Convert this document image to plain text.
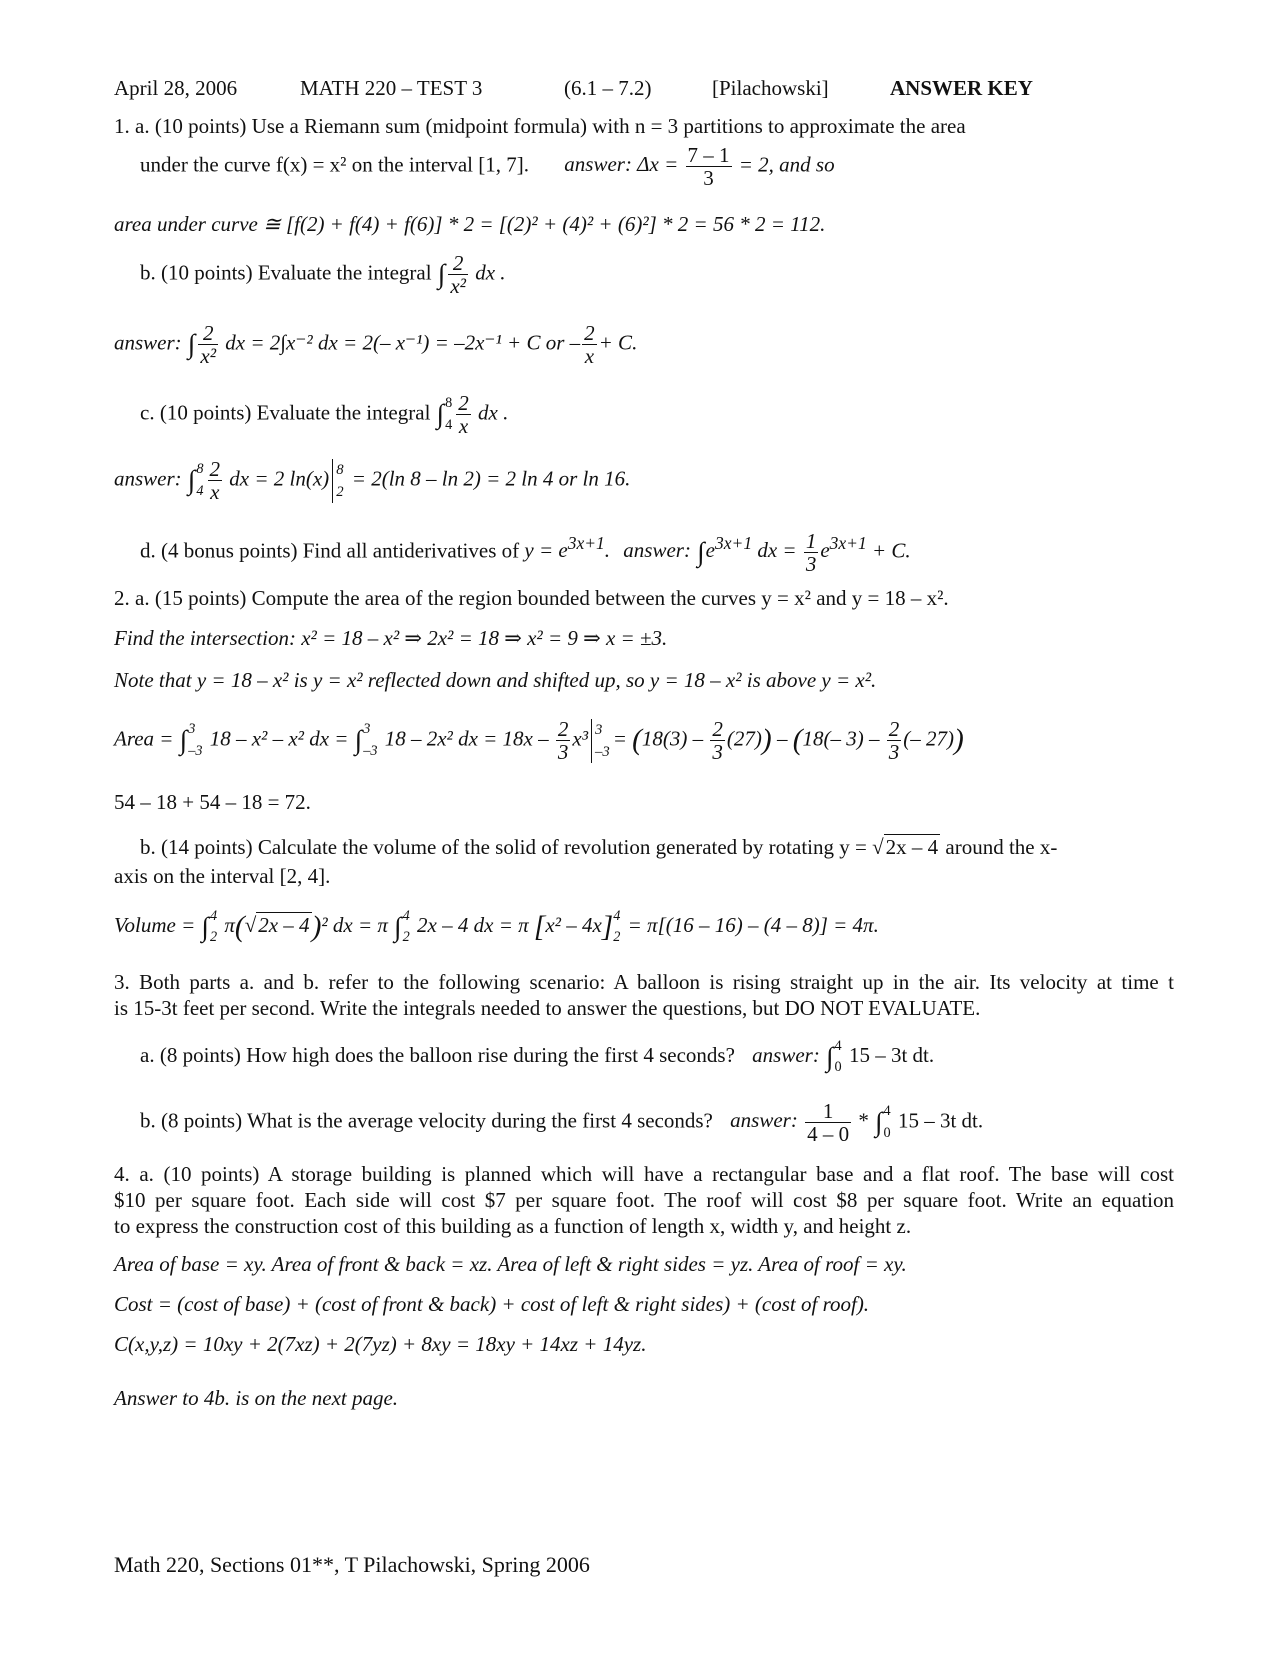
April 28, 2006	MATH 220 – TEST 3	(6.1 – 7.2)	[Pilachowski]	ANSWER KEY
1. a. (10 points) Use a Riemann sum (midpoint formula) with n = 3 partitions to approximate the area
under the curve f(x) = x² on the interval [1, 7]. answer: $\Delta x = \frac{7 - 1}{3} = 2$, and so
area under curve ≅ [f(2) + f(4) + f(6)] * 2 = [(2)² + (4)² + (6)²] * 2 = 56 * 2 = 112.
b. (10 points) Evaluate the integral ∫ $\frac{2}{\text{x²}}$ dx .
answer: ∫ $\frac{2}{\text{x²}}$ dx = 2∫x⁻² dx = 2(– x⁻¹) = –2x⁻¹ + C or – $\frac{2}{x} + C$.
c. (10 points) Evaluate the integral ∫ 8
$4 \frac{2}{x}$ dx .
answer: ∫ 8
$4 \frac{2}{x}$ dx = 2 ln(x) 8
2
= 2(ln 8 – ln 2) = 2 ln 4 or ln 16.
d. (4 bonus points) Find all antiderivatives of $y = e^{3x+1}$. answer: $\int e^{3x+1}$ dx = $\frac{1}{3} e^{3x+1} + C$.
2. a. (15 points) Compute the area of the region bounded between the curves y = x² and y = 18 – x².
Find the intersection: x² = 18 – x² ⇒ 2x² = 18 ⇒ x² = 9 ⇒ x = ±3.
Note that y = 18 – x² is y = x² reflected down and shifted up, so y = 18 – x² is above y = x².
Area = ∫ 3
–3
18 – x² – x² dx = ∫ 3
–3
18 – 2x² dx = $18x - \frac{2}{3} x^3$ 3
–3
= $(18(3) - \frac{2}{3} (27)) - (18(-$ $3) - \frac{2}{3}$ (– 27))
54 – 18 + 54 – 18 = 72.
b. (14 points) Calculate the volume of the solid of revolution generated by rotating y = √2x – 4 around the x-
axis on the interval [2, 4].
Volume = ∫ 4
2
π(√2x – 4)² dx = π ∫ 4
2
2x – 4 dx = π [x² – 4x] 4
2
= π[(16 – 16) – (4 – 8)] = 4π.
3. Both parts a. and b. refer to the following scenario: A balloon is rising straight up in the air. Its velocity at time t
is 15-3t feet per second. Write the integrals needed to answer the questions, but DO NOT EVALUATE.
a. (8 points) How high does the balloon rise during the first 4 seconds? answer: ∫ 4
0
15 – 3t dt.
b. (8 points) What is the average velocity during the first 4 seconds? answer: $\frac{1}{4 - 0}$ * ∫ 4
0
15 – 3t dt.
4. a. (10 points) A storage building is planned which will have a rectangular base and a flat roof. The base will cost
$10 per square foot. Each side will cost $7 per square foot. The roof will cost $8 per square foot. Write an equation
to express the construction cost of this building as a function of length x, width y, and height z.
Area of base = xy. Area of front & back = xz. Area of left & right sides = yz. Area of roof = xy.
Cost = (cost of base) + (cost of front & back) + cost of left & right sides) + (cost of roof).
C(x,y,z) = 10xy + 2(7xz) + 2(7yz) + 8xy = 18xy + 14xz + 14yz.
Answer to 4b. is on the next page.
Math 220, Sections 01**, T Pilachowski, Spring 2006
